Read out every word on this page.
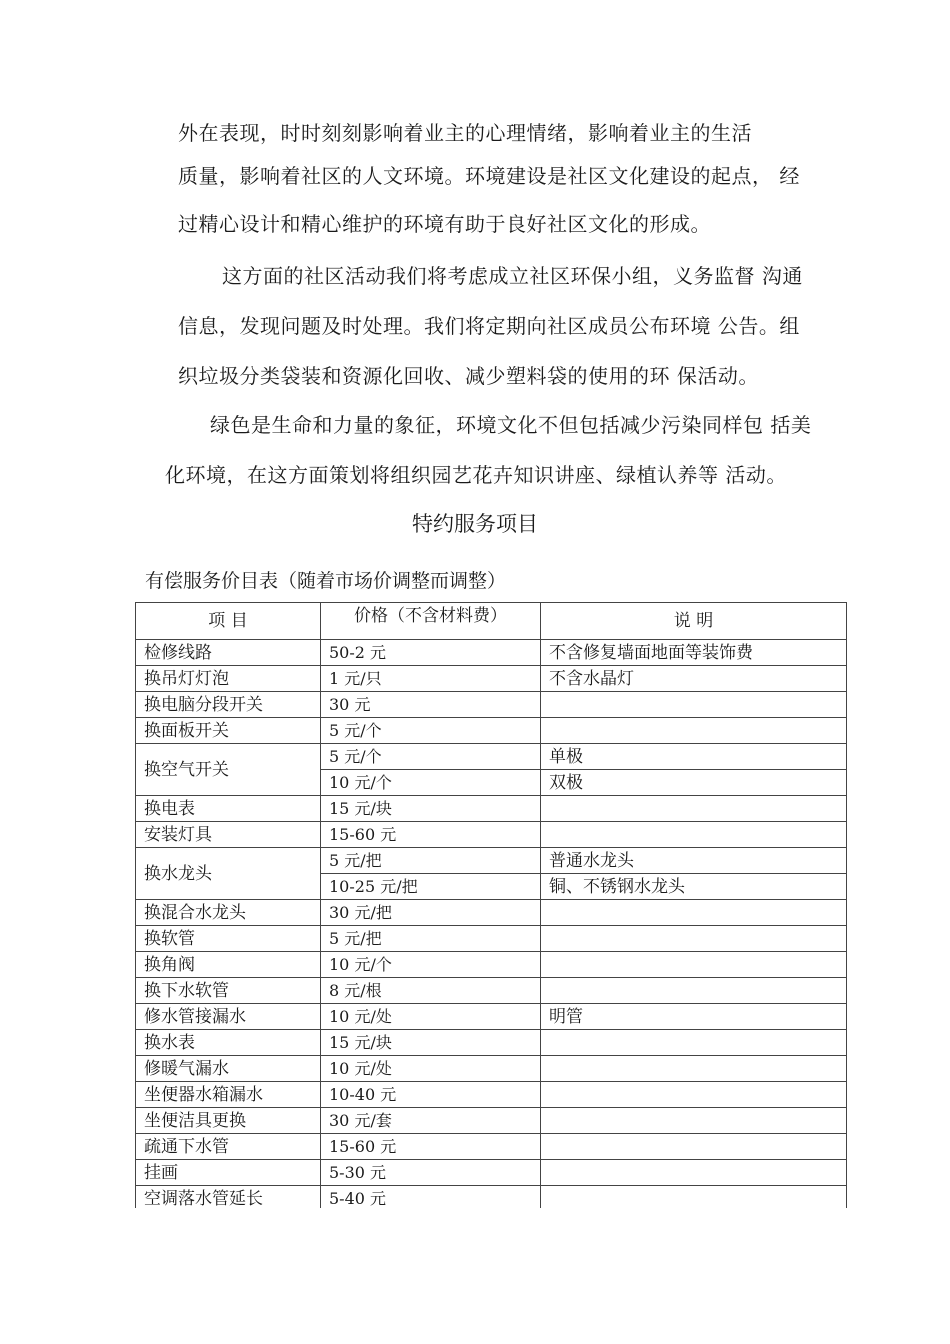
外在表现，时时刻刻影响着业主的心理情绪，影响着业主的生活
质量，影响着社区的人文环境。环境建设是社区文化建设的起点， 经
过精心设计和精心维护的环境有助于良好社区文化的形成。
这方面的社区活动我们将考虑成立社区环保小组，义务监督 沟通
信息，发现问题及时处理。我们将定期向社区成员公布环境 公告。组
织垃圾分类袋装和资源化回收、减少塑料袋的使用的环 保活动。
绿色是生命和力量的象征，环境文化不但包括减少污染同样包 括美
化环境，在这方面策划将组织园艺花卉知识讲座、绿植认养等 活动。
特约服务项目
有偿服务价目表（随着市场价调整而调整）
项 目	价格（不含材料费）	说 明
检修线路	50-2 元	不含修复墙面地面等装饰费
换吊灯灯泡	1 元/只	不含水晶灯
换电脑分段开关	30 元	
换面板开关	5 元/个	
换空气开关	5 元/个	单极
	10 元/个	双极
换电表	15 元/块	
安装灯具	15-60 元	
换水龙头	5 元/把	普通水龙头
	10-25 元/把	铜、不锈钢水龙头
换混合水龙头	30 元/把	
换软管	5 元/把	
换角阀	10 元/个	
换下水软管	8 元/根	
修水管接漏水	10 元/处	明管
换水表	15 元/块	
修暖气漏水	10 元/处	
坐便器水箱漏水	10-40 元	
坐便洁具更换	30 元/套	
疏通下水管	15-60 元	
挂画	5-30 元	
空调落水管延长	5-40 元	
